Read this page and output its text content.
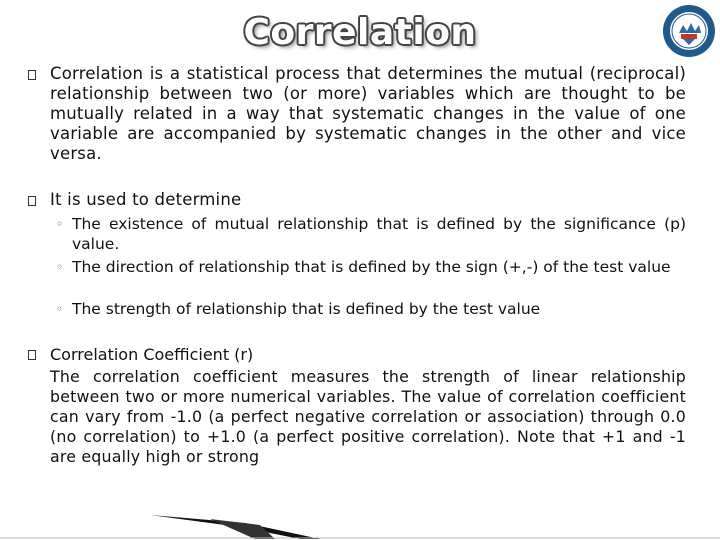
Correlation
Correlation is a statistical process that determines the mutual (reciprocal) relationship between two (or more) variables which are thought to be mutually related in a way that systematic changes in the value of one variable are accompanied by systematic changes in the other and vice versa.
It is used to determine
◦ The existence of mutual relationship that is defined by the significance (p) value.
◦ The direction of relationship that is defined by the sign (+,-) of the test value
◦ The strength of relationship that is defined by the test value
Correlation Coefficient (r)
The correlation coefficient measures the strength of linear relationship between two or more numerical variables. The value of correlation coefficient can vary from -1.0 (a perfect negative correlation or association) through 0.0 (no correlation) to +1.0 (a perfect positive correlation). Note that +1 and -1 are equally high or strong
